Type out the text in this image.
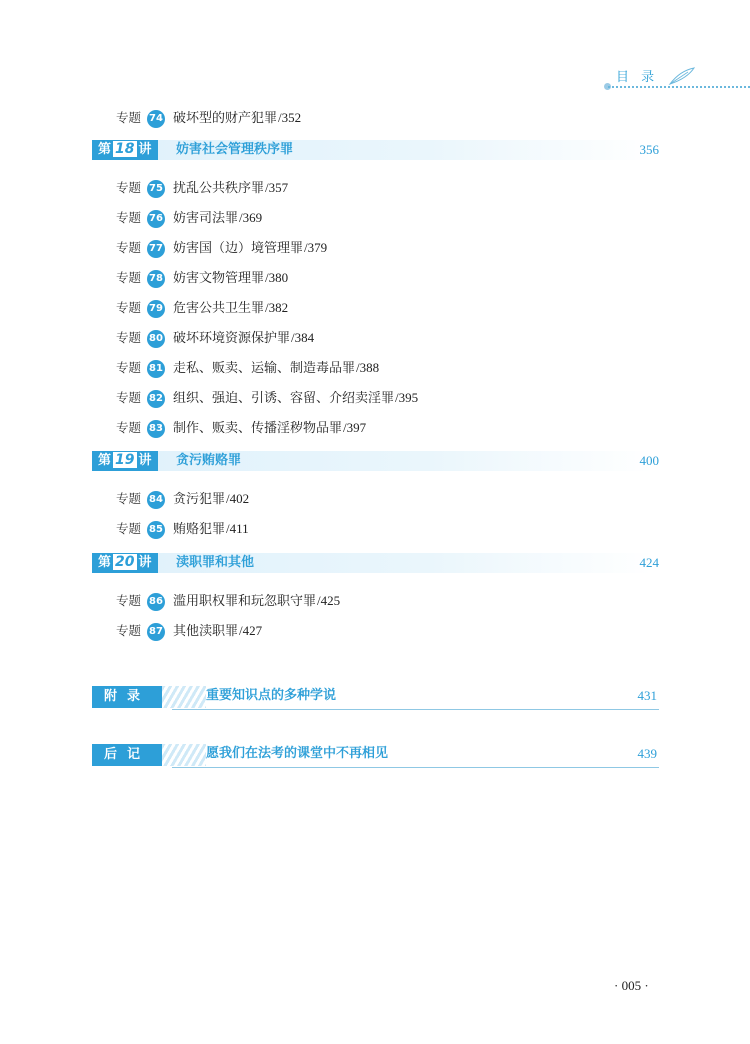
目 录
专题 74 破坏型的财产犯罪/352
第 18 讲	妨害社会管理秩序罪	356
专题 75 扰乱公共秩序罪/357
专题 76 妨害司法罪/369
专题 77 妨害国（边）境管理罪/379
专题 78 妨害文物管理罪/380
专题 79 危害公共卫生罪/382
专题 80 破坏环境资源保护罪/384
专题 81 走私、贩卖、运输、制造毒品罪/388
专题 82 组织、强迫、引诱、容留、介绍卖淫罪/395
专题 83 制作、贩卖、传播淫秽物品罪/397
第 19 讲	贪污贿赂罪	400
专题 84 贪污犯罪/402
专题 85 贿赂犯罪/411
第 20 讲	渎职罪和其他	424
专题 86 滥用职权罪和玩忽职守罪/425
专题 87 其他渎职罪/427
附录	重要知识点的多种学说	431
后记	愿我们在法考的课堂中不再相见	439
· 005 ·
